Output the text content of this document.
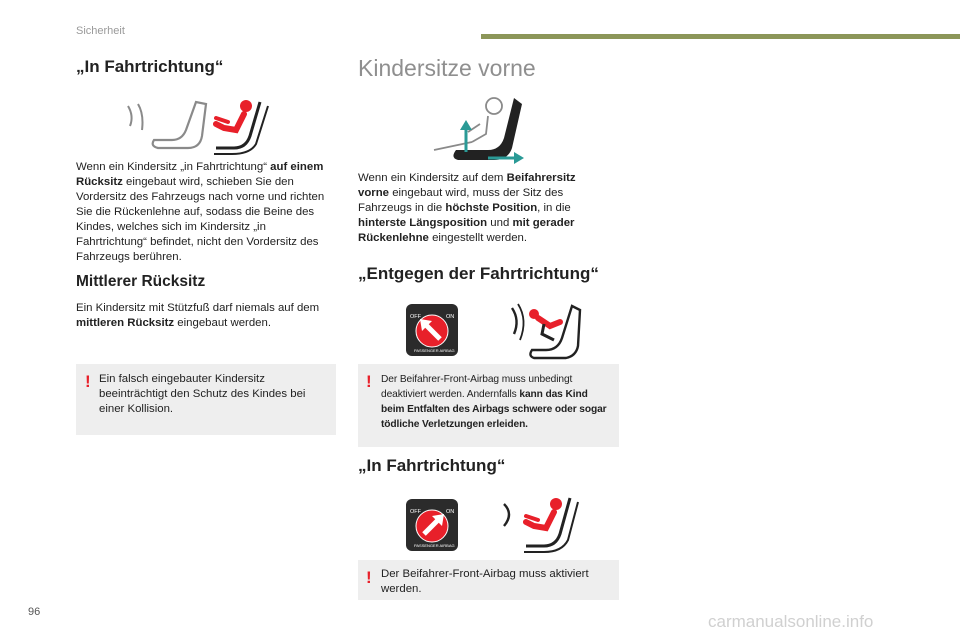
Sicherheit
„In Fahrtrichtung“
Wenn ein Kindersitz „in Fahrtrichtung“ auf einem Rücksitz eingebaut wird, schieben Sie den Vordersitz des Fahrzeugs nach vorne und richten Sie die Rückenlehne auf, sodass die Beine des Kindes, welches sich im Kindersitz „in Fahrtrichtung“ befindet, nicht den Vordersitz des Fahrzeugs berühren.
Mittlerer Rücksitz
Ein Kindersitz mit Stützfuß darf niemals auf dem mittleren Rücksitz eingebaut werden.
! Ein falsch eingebauter Kindersitz beeinträchtigt den Schutz des Kindes bei einer Kollision.
Kindersitze vorne
Wenn ein Kindersitz auf dem Beifahrersitz vorne eingebaut wird, muss der Sitz des Fahrzeugs in die höchste Position, in die hinterste Längsposition und mit gerader Rückenlehne eingestellt werden.
„Entgegen der Fahrtrichtung“
OFF	ON
PASSENGER AIRBAG
! Der Beifahrer-Front-Airbag muss unbedingt deaktiviert werden. Andernfalls kann das Kind beim Entfalten des Airbags schwere oder sogar tödliche Verletzungen erleiden.
„In Fahrtrichtung“
OFF	ON
PASSENGER AIRBAG
! Der Beifahrer-Front-Airbag muss aktiviert werden.
96	carmanualsonline.info
